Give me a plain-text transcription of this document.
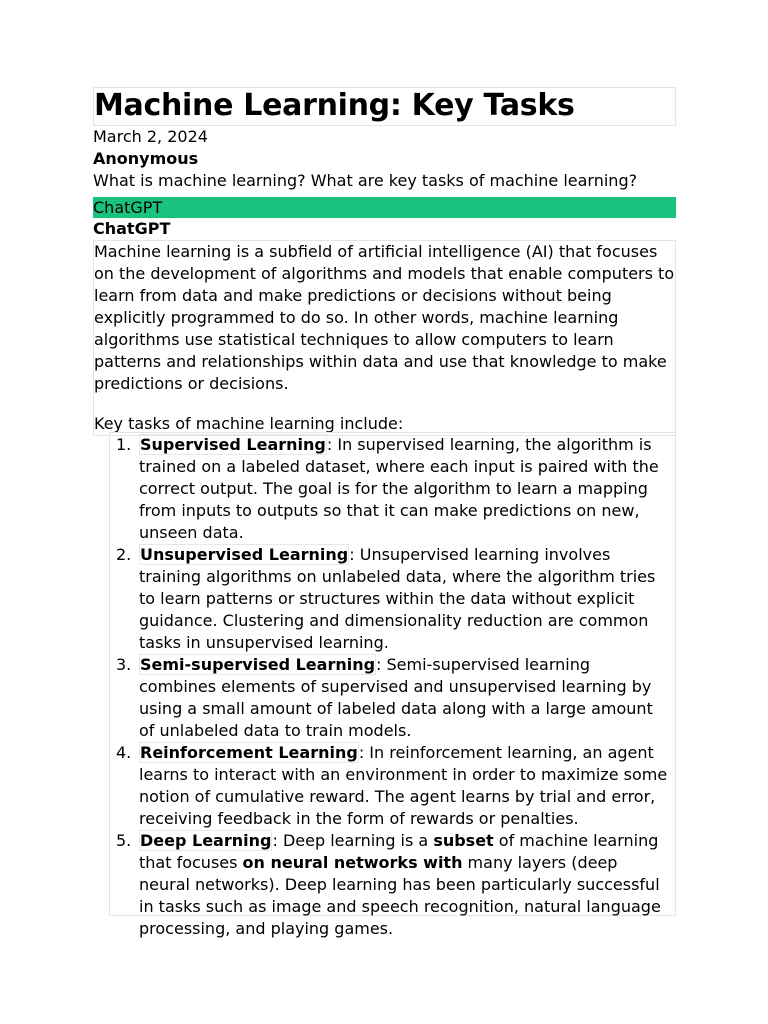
Machine Learning: Key Tasks
March 2, 2024
Anonymous
What is machine learning? What are key tasks of machine learning?
ChatGPT
ChatGPT

Machine learning is a subfield of artificial intelligence (AI) that focuses on the development of algorithms and models that enable computers to learn from data and make predictions or decisions without being explicitly programmed to do so. In other words, machine learning algorithms use statistical techniques to allow computers to learn patterns and relationships within data and use that knowledge to make predictions or decisions.

Key tasks of machine learning include:

1. Supervised Learning: In supervised learning, the algorithm is trained on a labeled dataset, where each input is paired with the correct output. The goal is for the algorithm to learn a mapping from inputs to outputs so that it can make predictions on new, unseen data.
2. Unsupervised Learning: Unsupervised learning involves training algorithms on unlabeled data, where the algorithm tries to learn patterns or structures within the data without explicit guidance. Clustering and dimensionality reduction are common tasks in unsupervised learning.
3. Semi-supervised Learning: Semi-supervised learning combines elements of supervised and unsupervised learning by using a small amount of labeled data along with a large amount of unlabeled data to train models.
4. Reinforcement Learning: In reinforcement learning, an agent learns to interact with an environment in order to maximize some notion of cumulative reward. The agent learns by trial and error, receiving feedback in the form of rewards or penalties.
5. Deep Learning: Deep learning is a subset of machine learning that focuses on neural networks with many layers (deep neural networks). Deep learning has been particularly successful in tasks such as image and speech recognition, natural language processing, and playing games.
